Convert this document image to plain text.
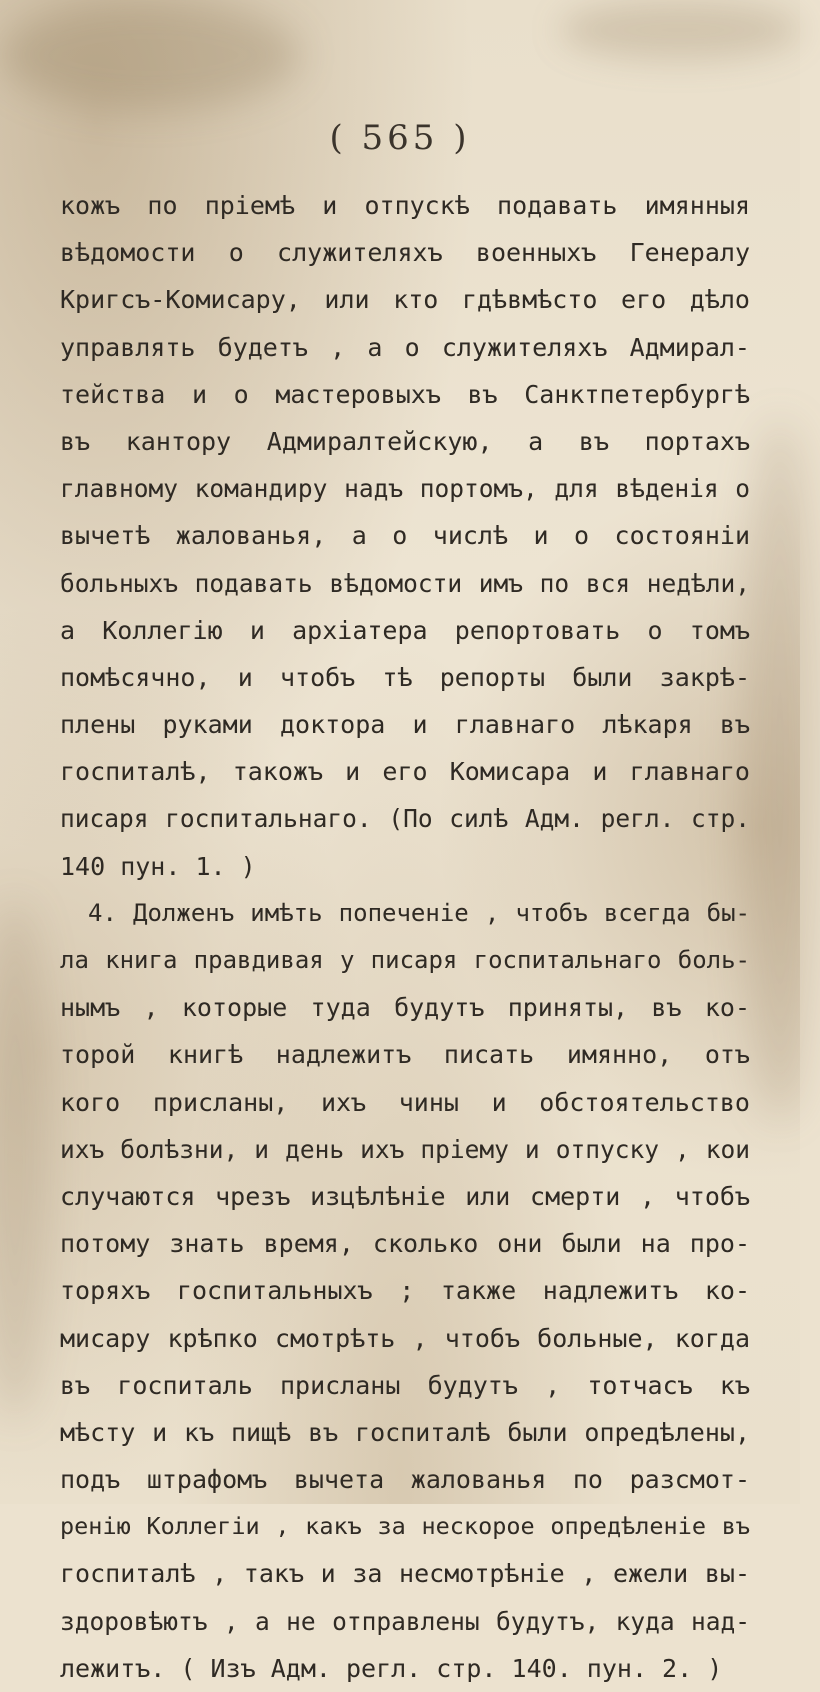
( 565 )
кожъ по пріемѣ и отпускѣ подавать имянныя
вѣдомости о служителяхъ военныхъ Генералу
Кригсъ-Комисару, или кто гдѣвмѣсто его дѣло
управлять будетъ , а о служителяхъ Адмирал-
тейства и о мастеровыхъ въ Санктпетербургѣ
въ кантору Адмиралтейскую, а въ портахъ
главному командиру надъ портомъ, для вѣденія о
вычетѣ жалованья, а о числѣ и о состояніи
больныхъ подавать вѣдомости имъ по вся недѣли,
а Коллегію и архіатера репортовать о томъ
помѣсячно, и чтобъ тѣ репорты были закрѣ-
плены руками доктора и главнаго лѣкаря въ
госпиталѣ, такожъ и его Комисара и главнаго
писаря госпитальнаго. (По силѣ Адм. регл. стр.
140 пун. 1. )
4. Долженъ имѣть попеченіе , чтобъ всегда бы-
ла книга правдивая у писаря госпитальнаго боль-
нымъ , которые туда будутъ приняты, въ ко-
торой книгѣ надлежитъ писать имянно, отъ
кого присланы, ихъ чины и обстоятельство
ихъ болѣзни, и день ихъ пріему и отпуску , кои
случаются чрезъ изцѣлѣніе или смерти , чтобъ
потому знать время, сколько они были на про-
торяхъ госпитальныхъ ; также надлежитъ ко-
мисару крѣпко смотрѣть , чтобъ больные, когда
въ госпиталь присланы будутъ , тотчасъ къ
мѣсту и къ пищѣ въ госпиталѣ были опредѣлены,
подъ штрафомъ вычета жалованья по разсмот-
ренію Коллегіи , какъ за нескорое опредѣленіе въ
госпиталѣ , такъ и за несмотрѣніе , ежели вы-
здоровѣютъ , а не отправлены будутъ, куда над-
лежитъ. ( Изъ Адм. регл. стр. 140. пун. 2. )
